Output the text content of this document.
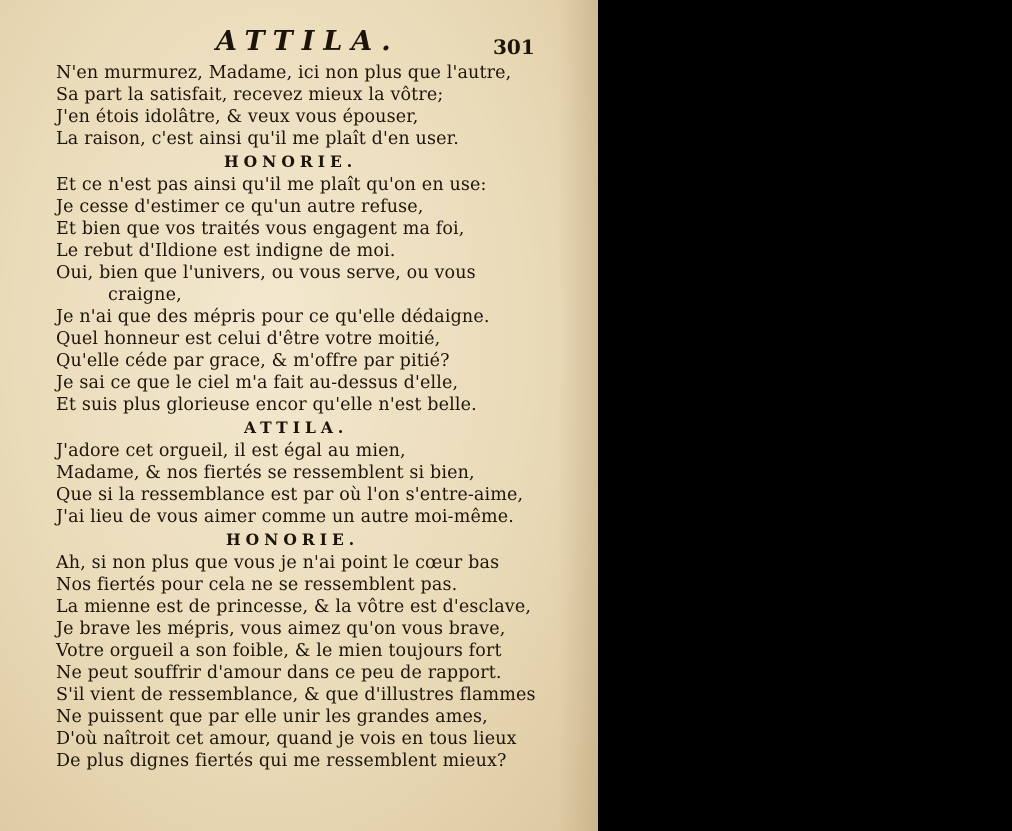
ATTILA.	301
N'en murmurez, Madame, ici non plus que l'autre,
Sa part la satisfait, recevez mieux la vôtre;
J'en étois idolâtre, & veux vous épouser,
La raison, c'est ainsi qu'il me plaît d'en user.
HONORIE.
Et ce n'est pas ainsi qu'il me plaît qu'on en use:
Je cesse d'estimer ce qu'un autre refuse,
Et bien que vos traités vous engagent ma foi,
Le rebut d'Ildione est indigne de moi.
Oui, bien que l'univers, ou vous serve, ou vous
craigne,
Je n'ai que des mépris pour ce qu'elle dédaigne.
Quel honneur est celui d'être votre moitié,
Qu'elle céde par grace, & m'offre par pitié?
Je sai ce que le ciel m'a fait au-dessus d'elle,
Et suis plus glorieuse encor qu'elle n'est belle.
ATTILA.
J'adore cet orgueil, il est égal au mien,
Madame, & nos fiertés se ressemblent si bien,
Que si la ressemblance est par où l'on s'entre-aime,
J'ai lieu de vous aimer comme un autre moi-même.
HONORIE.
Ah, si non plus que vous je n'ai point le cœur bas
Nos fiertés pour cela ne se ressemblent pas.
La mienne est de princesse, & la vôtre est d'esclave,
Je brave les mépris, vous aimez qu'on vous brave,
Votre orgueil a son foible, & le mien toujours fort
Ne peut souffrir d'amour dans ce peu de rapport.
S'il vient de ressemblance, & que d'illustres flammes
Ne puissent que par elle unir les grandes ames,
D'où naîtroit cet amour, quand je vois en tous lieux
De plus dignes fiertés qui me ressemblent mieux?
